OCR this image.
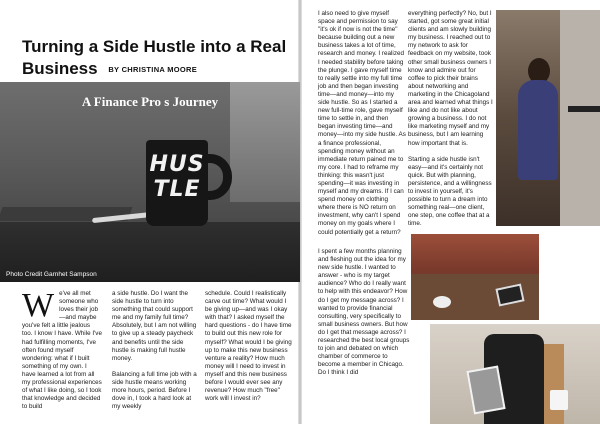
Turning a Side Hustle into a Real Business BY CHRISTINA MOORE
HUS
TLE
A Finance Pro s Journey
Photo Credit Garnhet Sampson

We've all met someone who loves their job—and maybe you've felt a little jealous too. I know I have. While I've had fulfilling moments, I've often found myself wondering: what if I built something of my own. I have learned a lot from all my professional experiences of what I like doing, so I took that knowledge and decided to build

a side hustle. Do I want the side hustle to turn into something that could support me and my family full time? Absolutely, but I am not willing to give up a steady paycheck and benefits until the side hustle is making full hustle money.

Balancing a full time job with a side hustle means working more hours, period. Before I dove in, I took a hard look at my weekly

schedule. Could I realistically carve out time? What would I be giving up—and was I okay with that? I asked myself the hard questions - do I have time to build out this new role for myself? What would I be giving up to make this new business venture a reality? How much money will I need to invest in myself and this new business before I would ever see any revenue? How much "free" work will I invest in?

I also need to give myself space and permission to say "it's ok if now is not the time" because building out a new business takes a lot of time, research and money. I realized I needed stability before taking the plunge. I gave myself time to really settle into my full time job and then began investing time—and money—into my side hustle. So as I started a new full-time role, gave myself time to settle in, and then began investing time—and money—into my side hustle. As a finance professional, spending money without an immediate return pained me to my core. I had to reframe my thinking: this wasn't just spending—it was investing in myself and my dreams. If I can spend money on clothing where there is NO return on investment, why can't I spend money on my goals where I could potentially get a return?

I spent a few months planning and fleshing out the idea for my new side hustle. I wanted to answer - who is my target audience? Who do I really want to help with this endeavor? How do I get my message across? I wanted to provide financial consulting, very specifically to small business owners. But how do I get that message across? I researched the best local groups to join and debated on which chamber of commerce to become a member in Chicago. Do I think I did

everything perfectly? No, but I started, got some great initial clients and am slowly building my business. I reached out to my network to ask for feedback on my website, took other small business owners I know and admire out for coffee to pick their brains about networking and marketing in the Chicagoland area and learned what things I like and do not like about growing a business. I do not like marketing myself and my business, but I am learning how important that is.

Starting a side hustle isn't easy—and it's certainly not quick. But with planning, persistence, and a willingness to invest in yourself, it's possible to turn a dream into something real—one client, one step, one coffee that at a time.
